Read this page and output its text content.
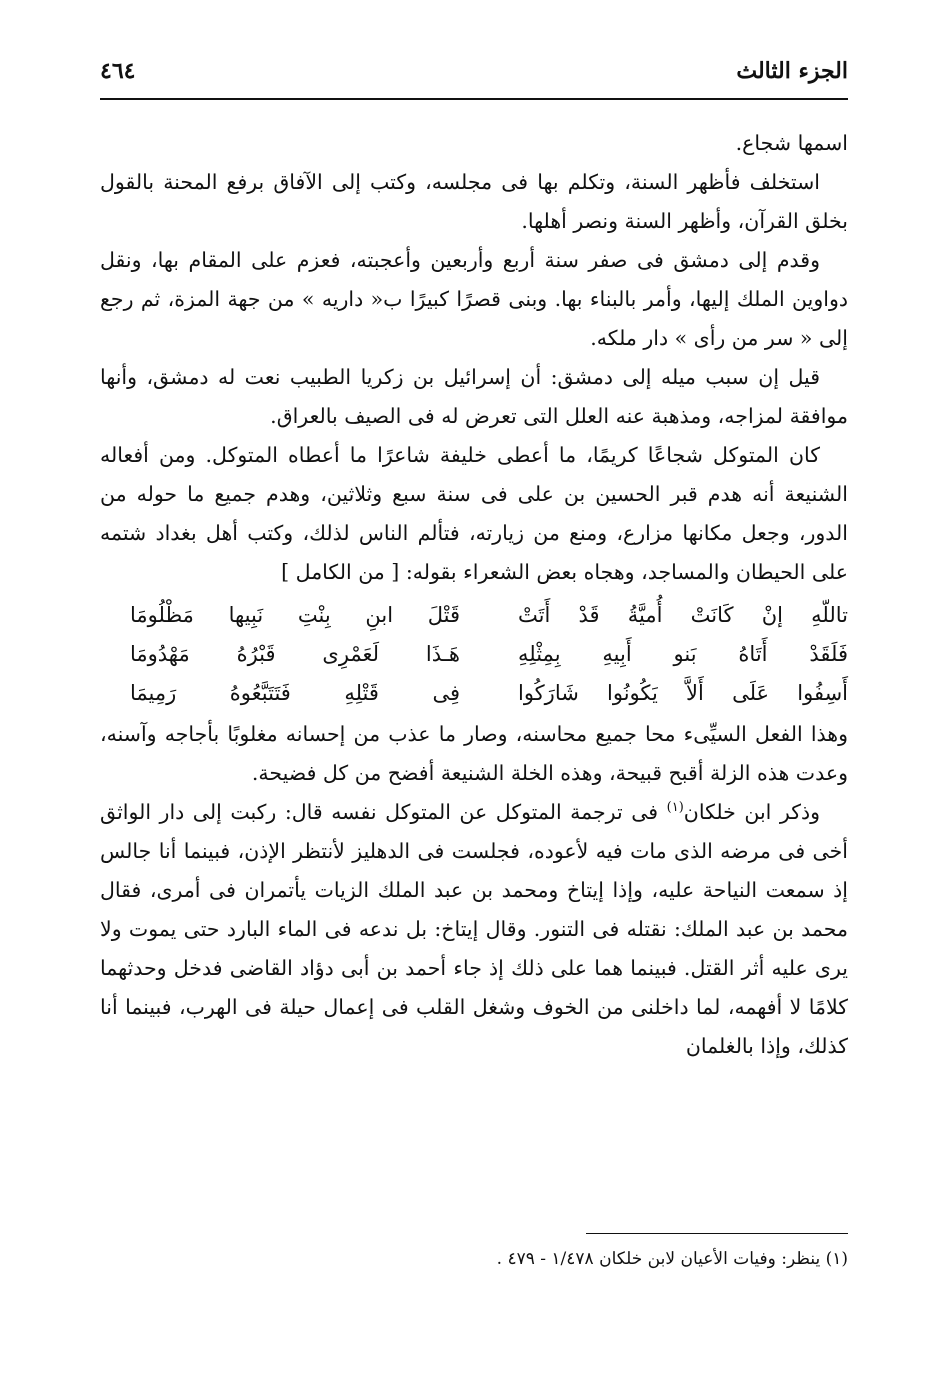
الجزء الثالث
٤٦٤

اسمها شجاع.

استخلف فأظهر السنة، وتكلم بها فى مجلسه، وكتب إلى الآفاق برفع المحنة بالقول بخلق القرآن، وأظهر السنة ونصر أهلها.

وقدم إلى دمشق فى صفر سنة أربع وأربعين وأعجبته، فعزم على المقام بها، ونقل دواوين الملك إليها، وأمر بالبناء بها. وبنى قصرًا كبيرًا ب« داريه » من جهة المزة، ثم رجع إلى « سر من رأى » دار ملكه.

قيل إن سبب ميله إلى دمشق: أن إسرائيل بن زكريا الطبيب نعت له دمشق، وأنها موافقة لمزاجه، ومذهبة عنه العلل التى تعرض له فى الصيف بالعراق.

كان المتوكل شجاعًا كريمًا، ما أعطى خليفة شاعرًا ما أعطاه المتوكل. ومن أفعاله الشنيعة أنه هدم قبر الحسين بن على فى سنة سبع وثلاثين، وهدم جميع ما حوله من الدور، وجعل مكانها مزارع، ومنع من زيارته، فتألم الناس لذلك، وكتب أهل بغداد شتمه على الحيطان والمساجد، وهجاه بعض الشعراء بقوله: [ من الكامل ]

تاللّهِ إنْ كَانَتْ أُميَّةُ قَدْ أَتَتْ
قَتْلَ ابنِ بِنْتِ نَبِيها مَظْلُومَا
فَلَقَدْ أَتَاهُ بَنو أَبِيهِ بِمِثْلِهِ
هَـذَا لَعَمْرِى قَبْرُهُ مَهْدُومَا
أَسِفُوا عَلَى أَلاَّ يَكُونُوا شَارَكُوا
فِى قَتْلِهِ فَتَتَبَّعُوهُ رَمِيمَا

وهذا الفعل السيِّىء محا جميع محاسنه، وصار ما عذب من إحسانه مغلوبًا بأجاجه وآسنه، وعدت هذه الزلة أقبح قبيحة، وهذه الخلة الشنيعة أفضح من كل فضيحة.

وذكر ابن خلكان$^{(١)}$ فى ترجمة المتوكل عن المتوكل نفسه قال: ركبت إلى دار الواثق أخى فى مرضه الذى مات فيه لأعوده، فجلست فى الدهليز لأنتظر الإذن، فبينما أنا جالس إذ سمعت النياحة عليه، وإذا إيتاخ ومحمد بن عبد الملك الزيات يأتمران فى أمرى، فقال محمد بن عبد الملك: نقتله فى التنور. وقال إيتاخ: بل ندعه فى الماء البارد حتى يموت ولا يرى عليه أثر القتل. فبينما هما على ذلك إذ جاء أحمد بن أبى دؤاد القاضى فدخل وحدثهما كلامًا لا أفهمه، لما داخلنى من الخوف وشغل القلب فى إعمال حيلة فى الهرب، فبينما أنا كذلك، وإذا بالغلمان

(١) ينظر: وفيات الأعيان لابن خلكان ١/٤٧٨ - ٤٧٩ .
